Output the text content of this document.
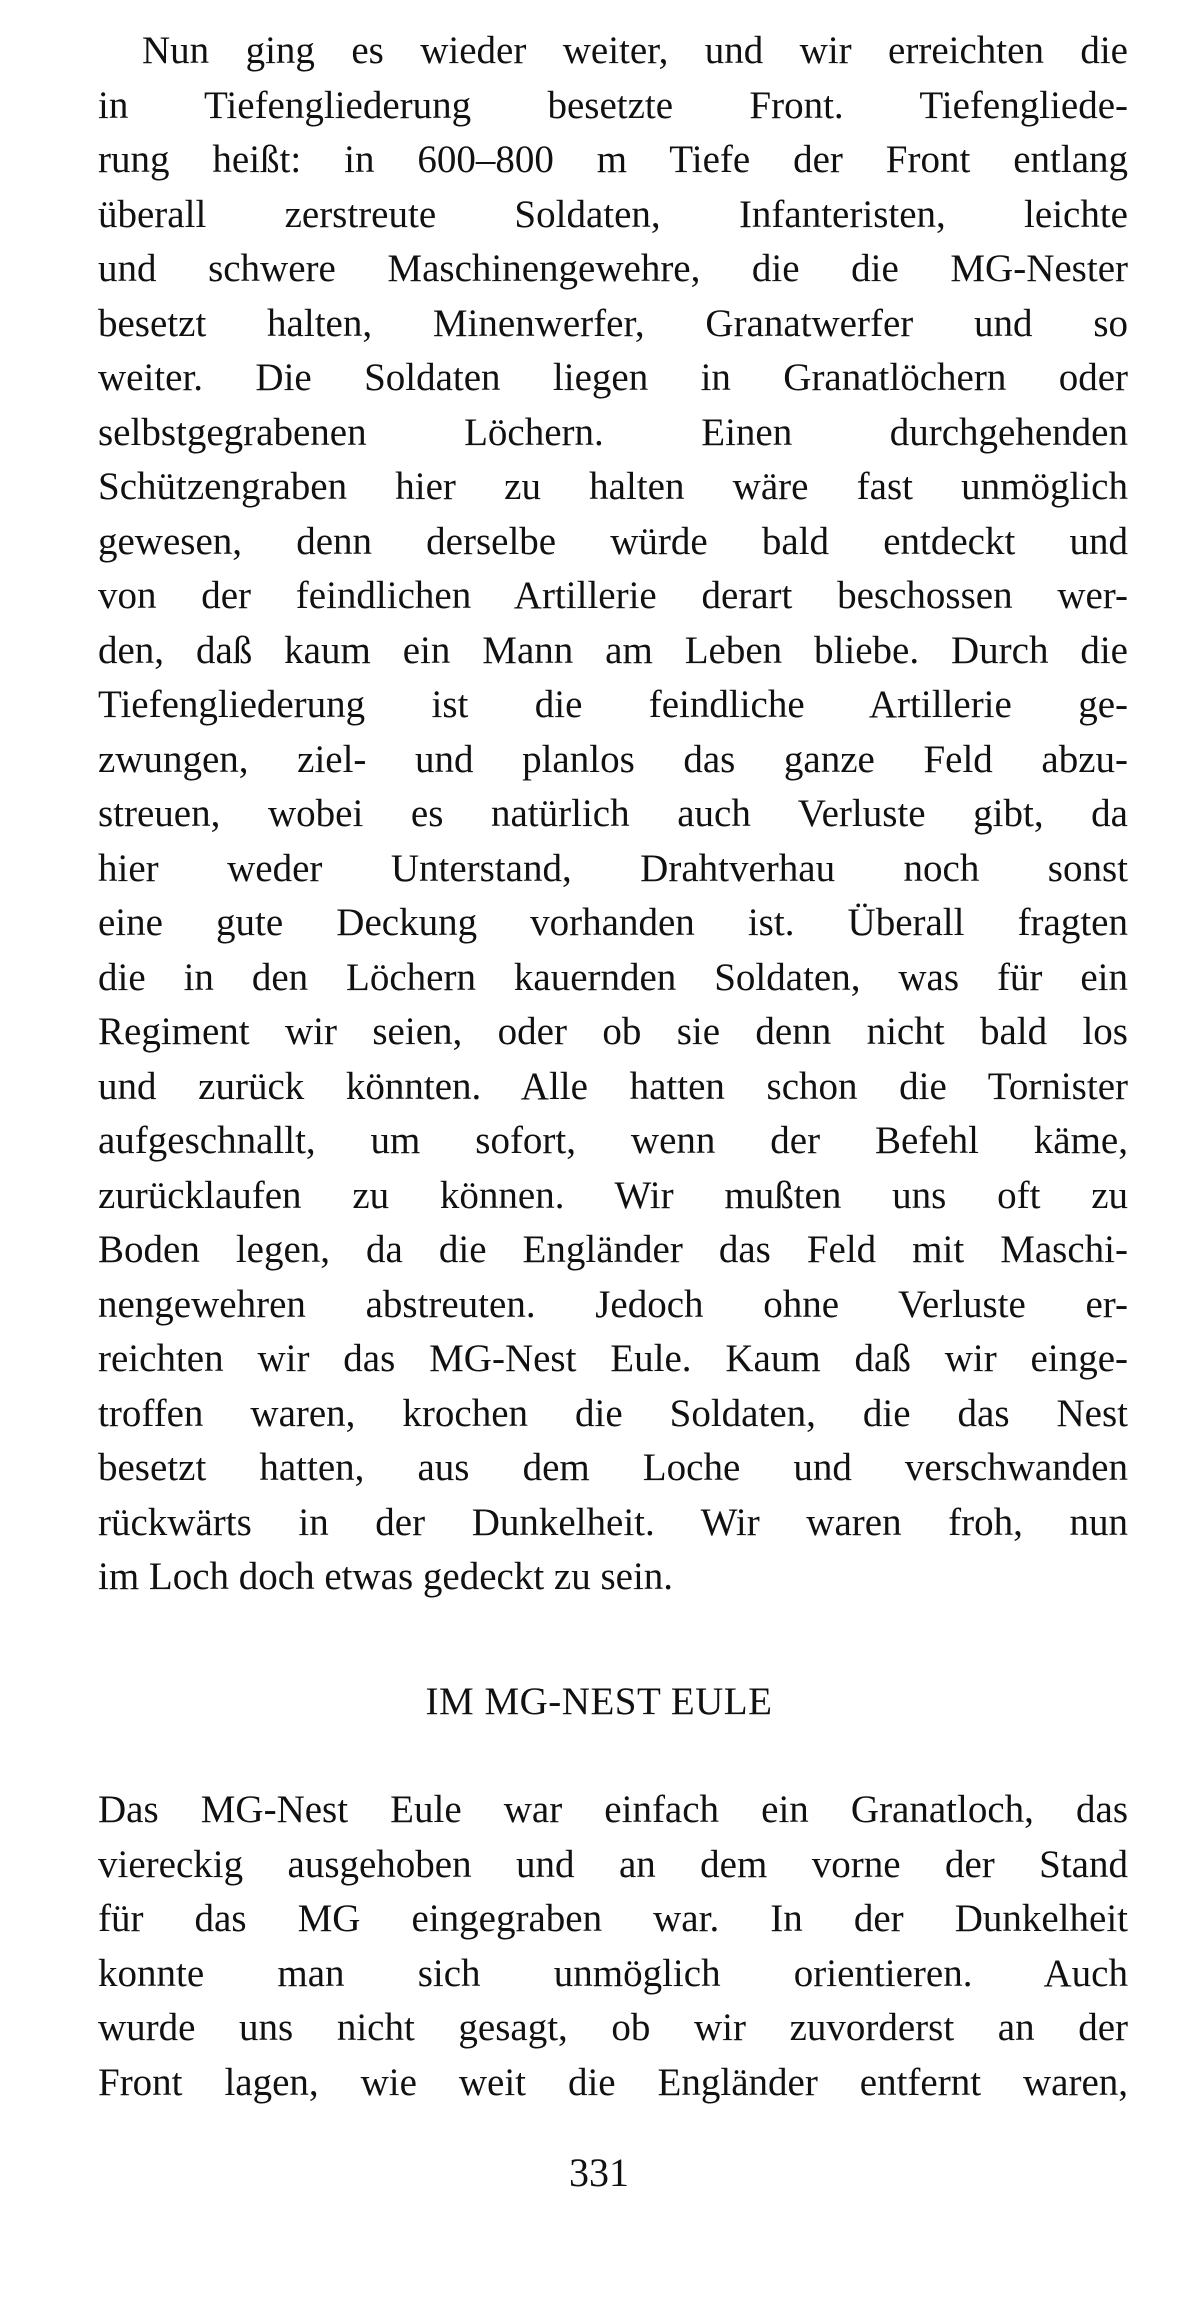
Nun ging es wieder weiter, und wir erreichten die
in Tiefengliederung besetzte Front. Tiefengliede-
rung heißt: in 600–800 m Tiefe der Front entlang
überall zerstreute Soldaten, Infanteristen, leichte
und schwere Maschinengewehre, die die MG-Nester
besetzt halten, Minenwerfer, Granatwerfer und so
weiter. Die Soldaten liegen in Granatlöchern oder
selbstgegrabenen Löchern. Einen durchgehenden
Schützengraben hier zu halten wäre fast unmöglich
gewesen, denn derselbe würde bald entdeckt und
von der feindlichen Artillerie derart beschossen wer-
den, daß kaum ein Mann am Leben bliebe. Durch die
Tiefengliederung ist die feindliche Artillerie ge-
zwungen, ziel- und planlos das ganze Feld abzu-
streuen, wobei es natürlich auch Verluste gibt, da
hier weder Unterstand, Drahtverhau noch sonst
eine gute Deckung vorhanden ist. Überall fragten
die in den Löchern kauernden Soldaten, was für ein
Regiment wir seien, oder ob sie denn nicht bald los
und zurück könnten. Alle hatten schon die Tornister
aufgeschnallt, um sofort, wenn der Befehl käme,
zurücklaufen zu können. Wir mußten uns oft zu
Boden legen, da die Engländer das Feld mit Maschi-
nengewehren abstreuten. Jedoch ohne Verluste er-
reichten wir das MG-Nest Eule. Kaum daß wir einge-
troffen waren, krochen die Soldaten, die das Nest
besetzt hatten, aus dem Loche und verschwanden
rückwärts in der Dunkelheit. Wir waren froh, nun
im Loch doch etwas gedeckt zu sein.
IM MG-NEST EULE
Das MG-Nest Eule war einfach ein Granatloch, das
viereckig ausgehoben und an dem vorne der Stand
für das MG eingegraben war. In der Dunkelheit
konnte man sich unmöglich orientieren. Auch
wurde uns nicht gesagt, ob wir zuvorderst an der
Front lagen, wie weit die Engländer entfernt waren,
331
